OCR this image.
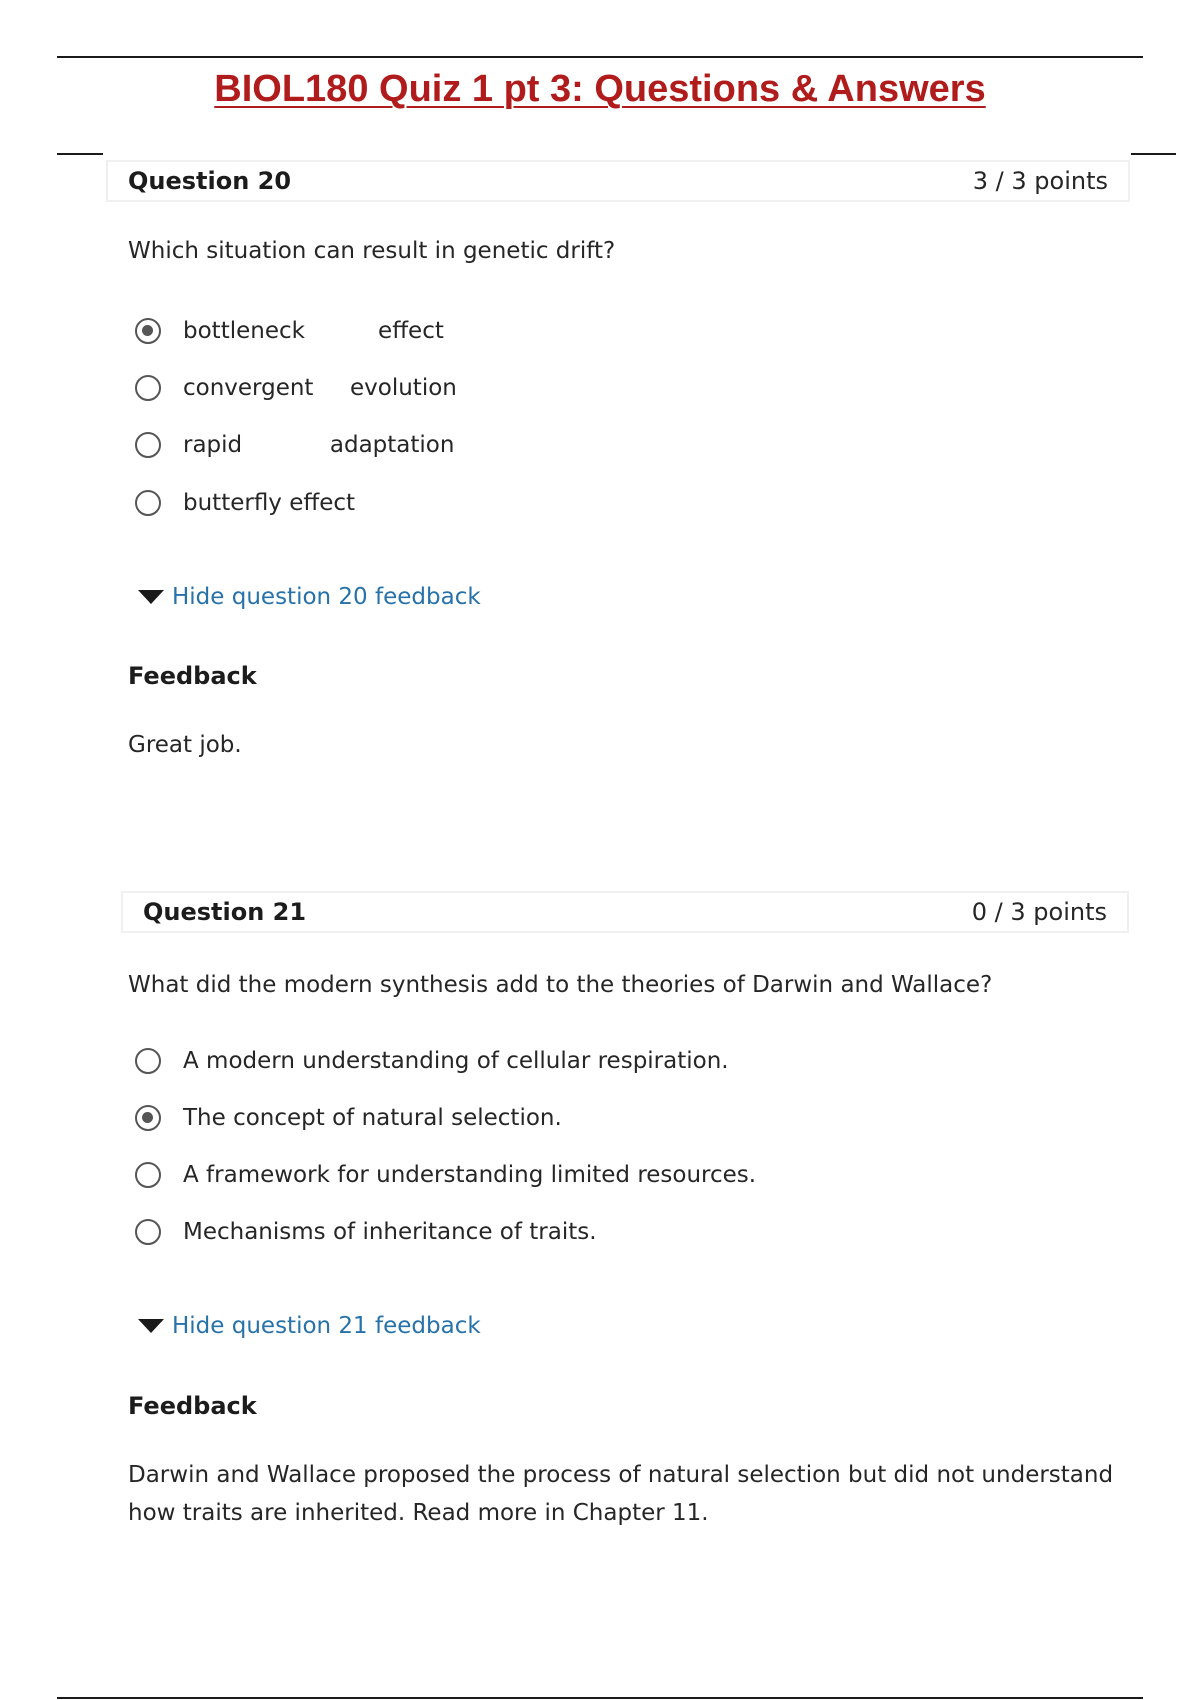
BIOL180 Quiz 1 pt 3: Questions & Answers
Question 20	3 / 3 points
Which situation can result in genetic drift?
bottleneck          effect
convergent     evolution
rapid            adaptation
butterfly effect
Hide question 20 feedback
Feedback
Great job.
Question 21	0 / 3 points
What did the modern synthesis add to the theories of Darwin and Wallace?
A modern understanding of cellular respiration.
The concept of natural selection.
A framework for understanding limited resources.
Mechanisms of inheritance of traits.
Hide question 21 feedback
Feedback
Darwin and Wallace proposed the process of natural selection but did not understand how traits are inherited. Read more in Chapter 11.
